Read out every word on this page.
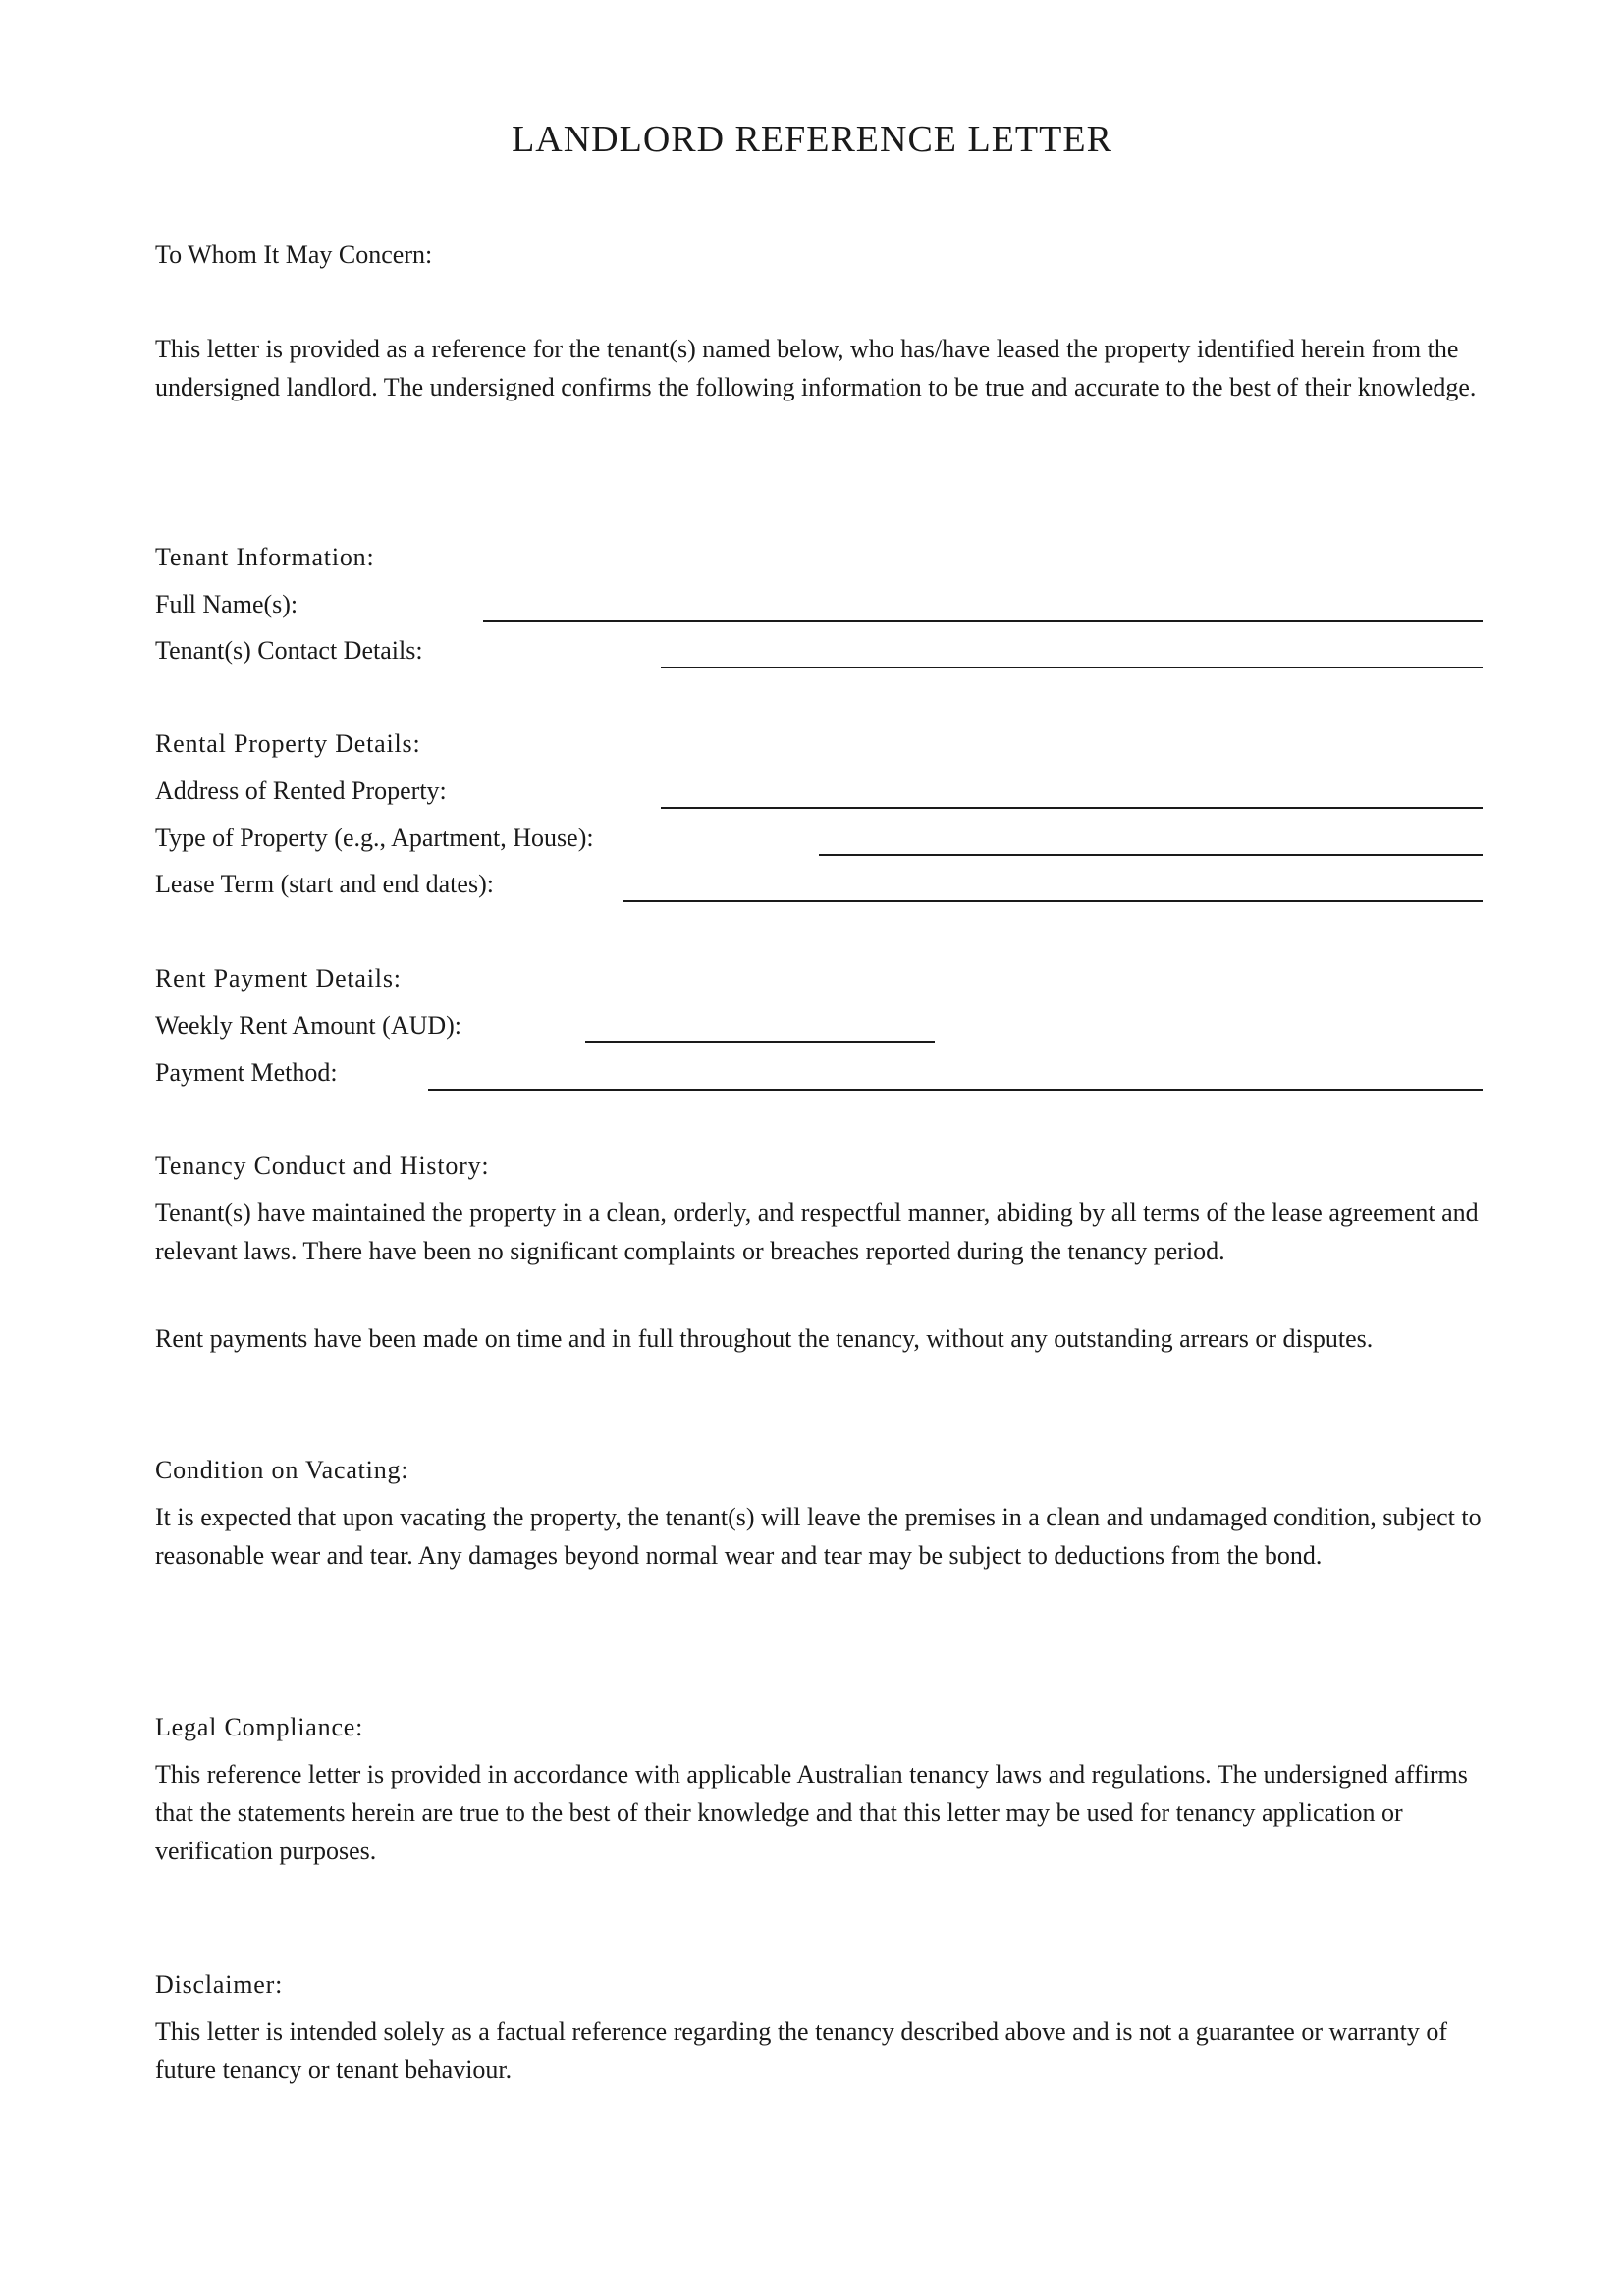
LANDLORD REFERENCE LETTER

To Whom It May Concern:

This letter is provided as a reference for the tenant(s) named below, who has/have leased the property identified herein from the undersigned landlord. The undersigned confirms the following information to be true and accurate to the best of their knowledge.

Tenant Information:

Full Name(s):
Tenant(s) Contact Details:

Rental Property Details:

Address of Rented Property:
Type of Property (e.g., Apartment, House):
Lease Term (start and end dates):

Rent Payment Details:

Weekly Rent Amount (AUD):
Payment Method:

Tenancy Conduct and History:

Tenant(s) have maintained the property in a clean, orderly, and respectful manner, abiding by all terms of the lease agreement and relevant laws. There have been no significant complaints or breaches reported during the tenancy period.

Rent payments have been made on time and in full throughout the tenancy, without any outstanding arrears or disputes.

Condition on Vacating:

It is expected that upon vacating the property, the tenant(s) will leave the premises in a clean and undamaged condition, subject to reasonable wear and tear. Any damages beyond normal wear and tear may be subject to deductions from the bond.

Legal Compliance:

This reference letter is provided in accordance with applicable Australian tenancy laws and regulations. The undersigned affirms that the statements herein are true to the best of their knowledge and that this letter may be used for tenancy application or verification purposes.

Disclaimer:

This letter is intended solely as a factual reference regarding the tenancy described above and is not a guarantee or warranty of future tenancy or tenant behaviour.
